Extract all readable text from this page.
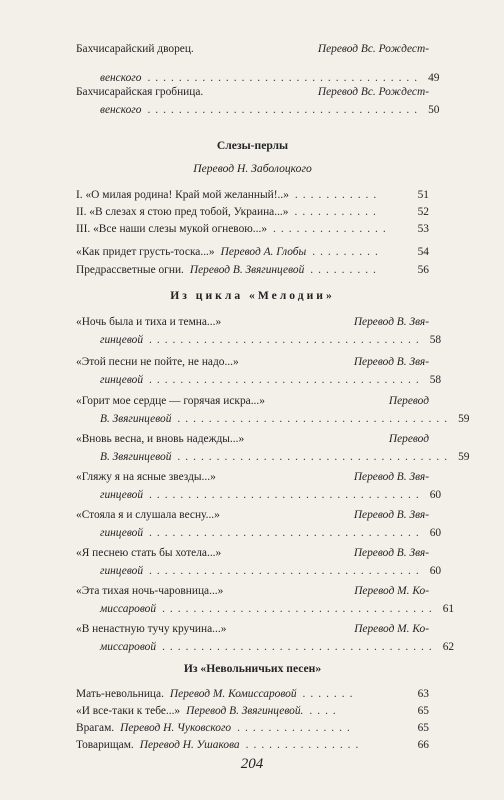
Бахчисарайский дворец.	Перевод Вс. Рождест-
венского ................................... 49
Бахчисарайская гробница.	Перевод Вс. Рождест-
венского ................................... 50
Слезы-перлы
Перевод Н. Заболоцкого
I. «О милая родина! Край мой желанный!..» ...........	51
II. «В слезах я стою пред тобой, Украина...» ...........	52
III. «Все наши слезы мукой огневою...» ...............	53
«Как придет грусть-тоска...» Перевод А. Глобы .........	54
Предрассветные огни. Перевод В. Звягинцевой .........	56
Из цикла «Мелодии»
«Ночь была и тиха и темна...»	Перевод В. Звя-
гинцевой ................................... 58
«Этой песни не пойте, не надо...»	Перевод В. Звя-
гинцевой ................................... 58
«Горит мое сердце — горячая искра...»	Перевод
В. Звягинцевой ................................... 59
«Вновь весна, и вновь надежды...»	Перевод
В. Звягинцевой ................................... 59
«Гляжу я на ясные звезды...»	Перевод В. Звя-
гинцевой ................................... 60
«Стояла я и слушала весну...»	Перевод В. Звя-
гинцевой ................................... 60
«Я песнею стать бы хотела...»	Перевод В. Звя-
гинцевой ................................... 60
«Эта тихая ночь-чаровница...»	Перевод М. Ко-
миссаровой ................................... 61
«В ненастную тучу кручина...»	Перевод М. Ко-
миссаровой ................................... 62
Из «Невольничьих песен»
Мать-невольница. Перевод М. Комиссаровой .......	63
«И все-таки к тебе...» Перевод В. Звягинцевой. ....	65
Врагам. Перевод Н. Чуковского ...............	65
Товарищам. Перевод Н. Ушакова ...............	66
204
